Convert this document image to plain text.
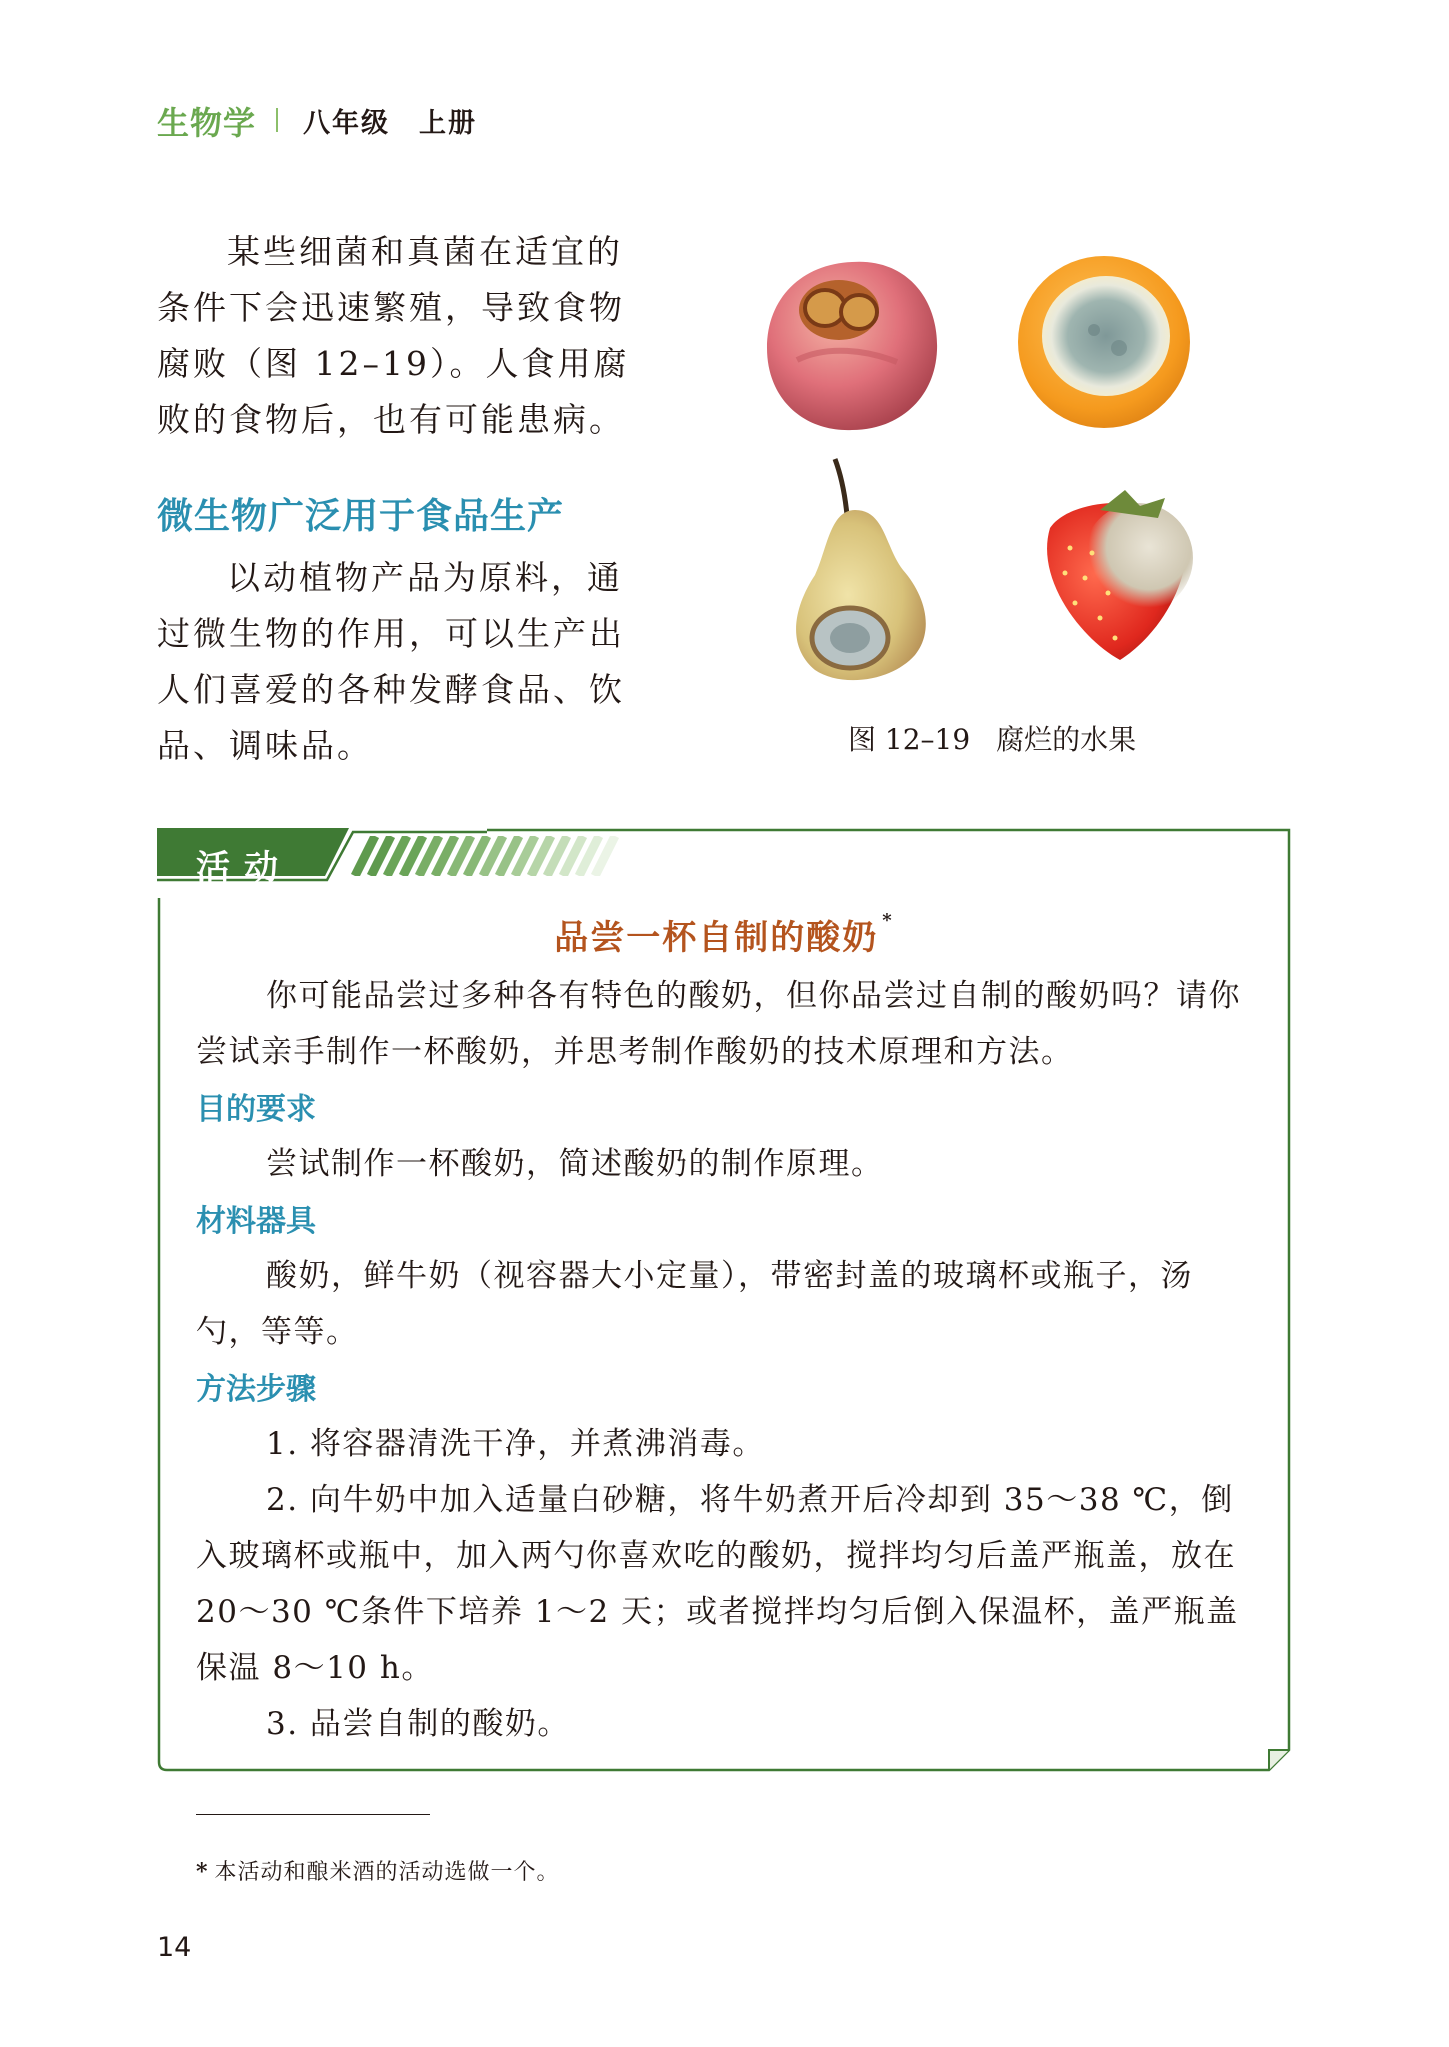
生物学 八年级　上册

某些细菌和真菌在适宜的条件下会迅速繁殖，导致食物腐败（图 12–19）。人食用腐败的食物后，也有可能患病。

微生物广泛用于食品生产

以动植物产品为原料，通过微生物的作用，可以生产出人们喜爱的各种发酵食品、饮品、调味品。	图 12–19 腐烂的水果
活动
品尝一杯自制的酸奶 *

你可能品尝过多种各有特色的酸奶，但你品尝过自制的酸奶吗？请你尝试亲手制作一杯酸奶，并思考制作酸奶的技术原理和方法。

目的要求

尝试制作一杯酸奶，简述酸奶的制作原理。

材料器具

酸奶，鲜牛奶（视容器大小定量），带密封盖的玻璃杯或瓶子，汤勺，等等。

方法步骤

1. 将容器清洗干净，并煮沸消毒。

2. 向牛奶中加入适量白砂糖，将牛奶煮开后冷却到 35～38 ℃，倒入玻璃杯或瓶中，加入两勺你喜欢吃的酸奶，搅拌均匀后盖严瓶盖，放在 20～30 ℃条件下培养 1～2 天；或者搅拌均匀后倒入保温杯，盖严瓶盖保温 8～10 h。

3. 品尝自制的酸奶。

* 本活动和酿米酒的活动选做一个。
14
